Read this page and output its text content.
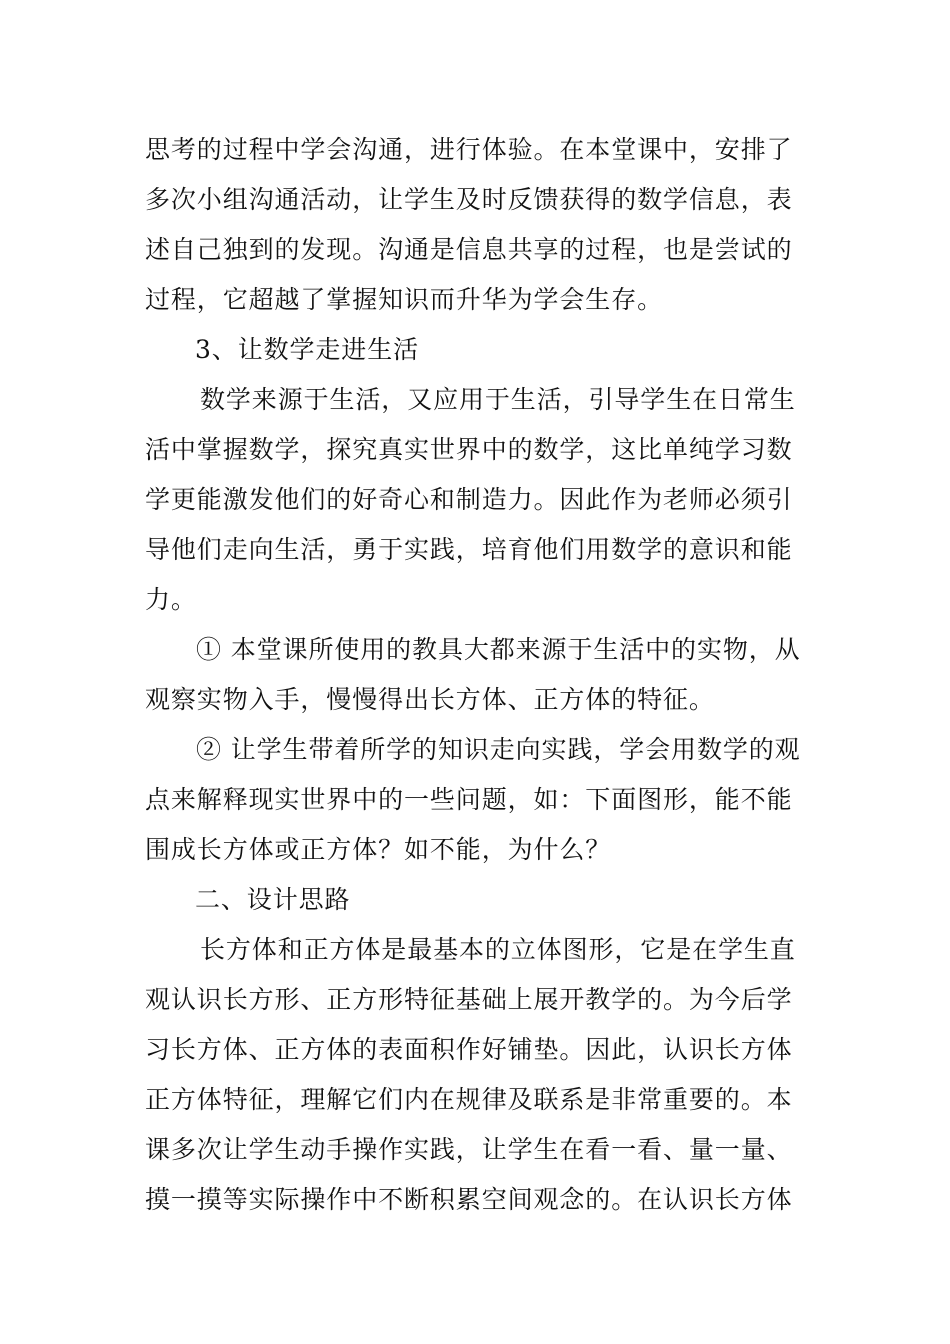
思考的过程中学会沟通，进行体验。在本堂课中，安排了
多次小组沟通活动，让学生及时反馈获得的数学信息，表
述自己独到的发现。沟通是信息共享的过程，也是尝试的
过程，它超越了掌握知识而升华为学会生存。
3、让数学走进生活
数学来源于生活，又应用于生活，引导学生在日常生
活中掌握数学，探究真实世界中的数学，这比单纯学习数
学更能激发他们的好奇心和制造力。因此作为老师必须引
导他们走向生活，勇于实践，培育他们用数学的意识和能
力。
① 本堂课所使用的教具大都来源于生活中的实物，从
观察实物入手，慢慢得出长方体、正方体的特征。
② 让学生带着所学的知识走向实践，学会用数学的观
点来解释现实世界中的一些问题，如：下面图形，能不能
围成长方体或正方体？如不能，为什么？
二、设计思路
长方体和正方体是最基本的立体图形，它是在学生直
观认识长方形、正方形特征基础上展开教学的。为今后学
习长方体、正方体的表面积作好铺垫。因此，认识长方体
正方体特征，理解它们内在规律及联系是非常重要的。本
课多次让学生动手操作实践，让学生在看一看、量一量、
摸一摸等实际操作中不断积累空间观念的。在认识长方体
